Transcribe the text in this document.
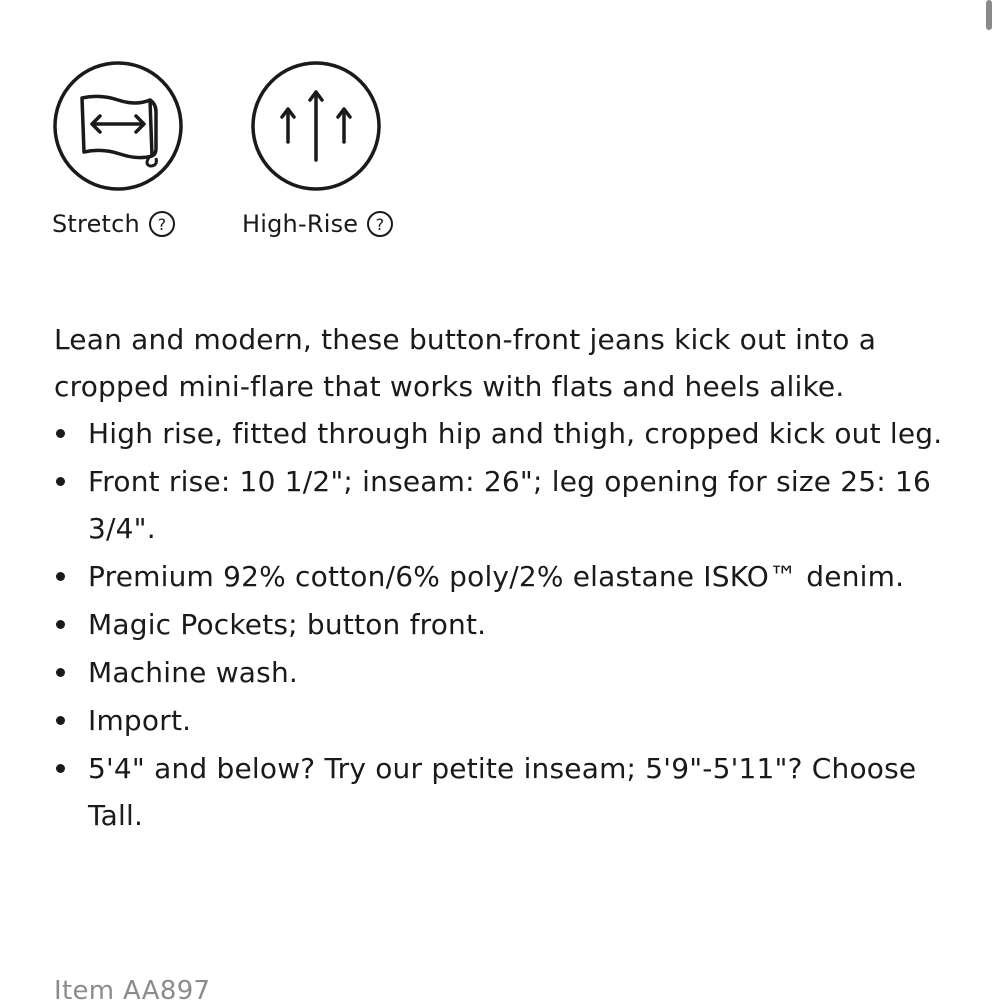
Stretch ?	High-Rise ?

Lean and modern, these button-front jeans kick out into a cropped mini-flare that works with flats and heels alike.

High rise, fitted through hip and thigh, cropped kick out leg.
Front rise: 10 1/2"; inseam: 26"; leg opening for size 25: 16 3/4".
Premium 92% cotton/6% poly/2% elastane ISKO™ denim.
Magic Pockets; button front.
Machine wash.
Import.
5'4" and below? Try our petite inseam; 5'9"-5'11"? Choose Tall.
Item AA897
